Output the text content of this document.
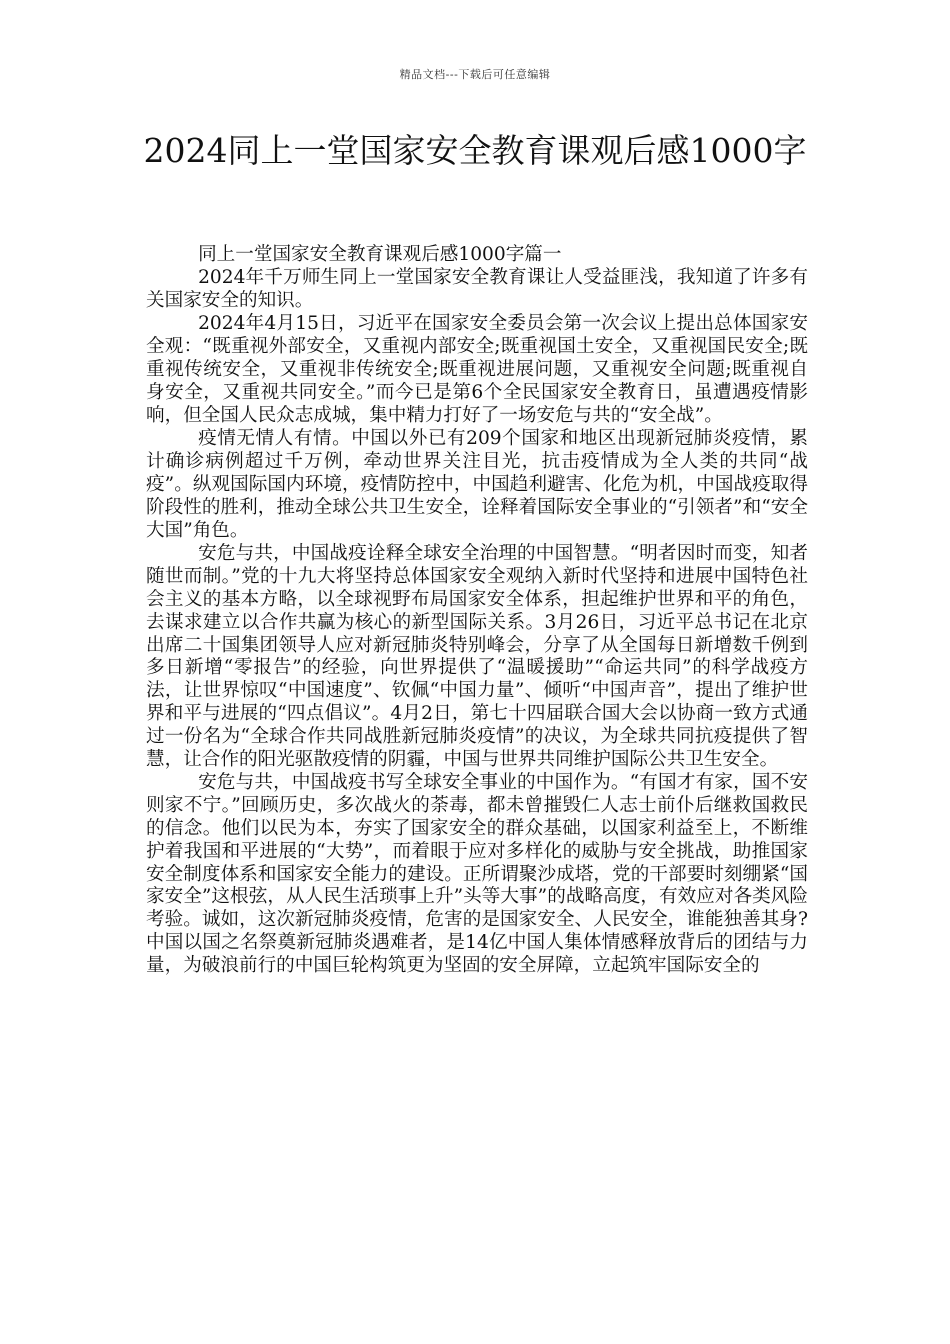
精品文档---下载后可任意编辑
2024同上一堂国家安全教育课观后感1000字

同上一堂国家安全教育课观后感1000字篇一

2024年千万师生同上一堂国家安全教育课让人受益匪浅，我知道了许多有关国家安全的知识。

2024年4月15日，习近平在国家安全委员会第一次会议上提出总体国家安全观：“既重视外部安全，又重视内部安全;既重视国土安全，又重视国民安全;既重视传统安全，又重视非传统安全;既重视进展问题，又重视安全问题;既重视自身安全，又重视共同安全。”而今已是第6个全民国家安全教育日，虽遭遇疫情影响，但全国人民众志成城，集中精力打好了一场安危与共的“安全战”。

疫情无情人有情。中国以外已有209个国家和地区出现新冠肺炎疫情，累计确诊病例超过千万例，牵动世界关注目光，抗击疫情成为全人类的共同“战疫”。纵观国际国内环境，疫情防控中，中国趋利避害、化危为机，中国战疫取得阶段性的胜利，推动全球公共卫生安全，诠释着国际安全事业的“引领者”和“安全大国”角色。

安危与共，中国战疫诠释全球安全治理的中国智慧。“明者因时而变，知者随世而制。”党的十九大将坚持总体国家安全观纳入新时代坚持和进展中国特色社会主义的基本方略，以全球视野布局国家安全体系，担起维护世界和平的角色，去谋求建立以合作共赢为核心的新型国际关系。3月26日，习近平总书记在北京出席二十国集团领导人应对新冠肺炎特别峰会，分享了从全国每日新增数千例到多日新增“零报告”的经验，向世界提供了“温暖援助”“命运共同”的科学战疫方法，让世界惊叹“中国速度”、钦佩“中国力量”、倾听“中国声音”，提出了维护世界和平与进展的“四点倡议”。4月2日，第七十四届联合国大会以协商一致方式通过一份名为“全球合作共同战胜新冠肺炎疫情”的决议，为全球共同抗疫提供了智慧，让合作的阳光驱散疫情的阴霾，中国与世界共同维护国际公共卫生安全。

安危与共，中国战疫书写全球安全事业的中国作为。“有国才有家，国不安则家不宁。”回顾历史，多次战火的荼毒，都未曾摧毁仁人志士前仆后继救国救民的信念。他们以民为本，夯实了国家安全的群众基础，以国家利益至上，不断维护着我国和平进展的“大势”，而着眼于应对多样化的威胁与安全挑战，助推国家安全制度体系和国家安全能力的建设。正所谓聚沙成塔，党的干部要时刻绷紧“国家安全”这根弦，从人民生活琐事上升”头等大事”的战略高度，有效应对各类风险考验。诚如，这次新冠肺炎疫情，危害的是国家安全、人民安全，谁能独善其身?中国以国之名祭奠新冠肺炎遇难者，是14亿中国人集体情感释放背后的团结与力量，为破浪前行的中国巨轮构筑更为坚固的安全屏障，立起筑牢国际安全的
